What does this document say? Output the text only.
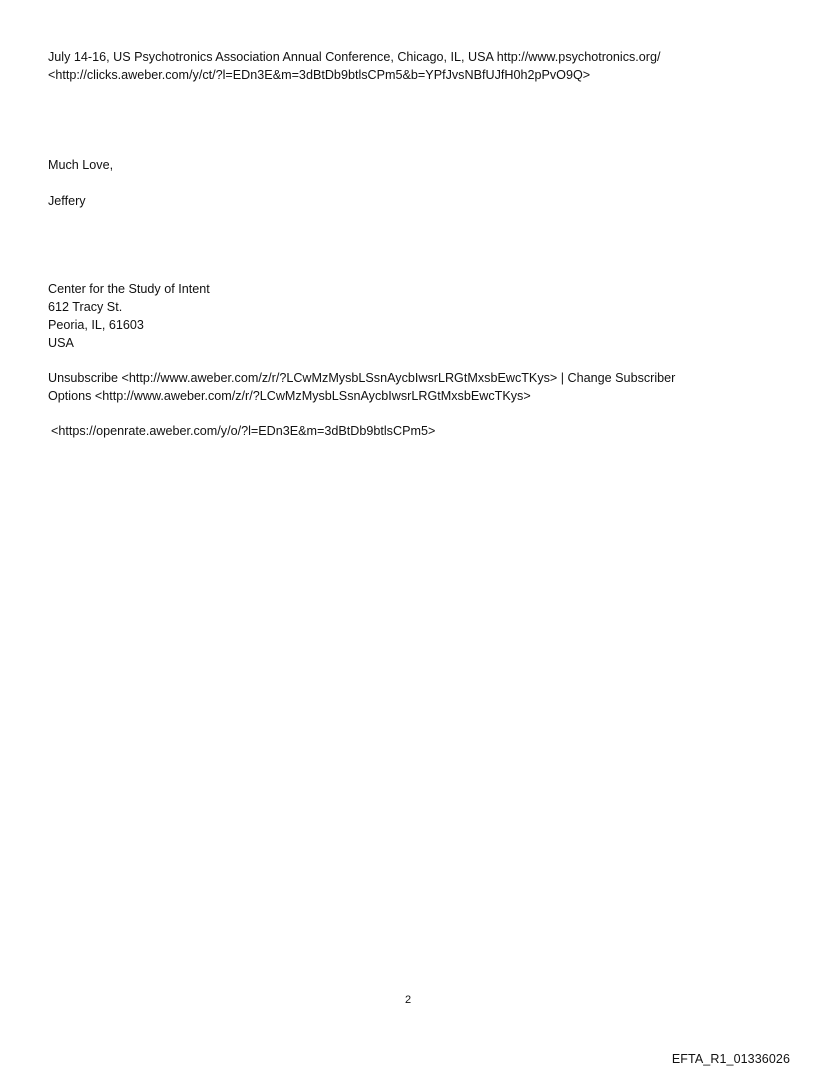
July 14-16, US Psychotronics Association Annual Conference, Chicago, IL, USA http://www.psychotronics.org/
<http://clicks.aweber.com/y/ct/?l=EDn3E&m=3dBtDb9btlsCPm5&b=YPfJvsNBfUJfH0h2pPvO9Q>
Much Love,
Jeffery
Center for the Study of Intent
612 Tracy St.
Peoria, IL, 61603
USA
Unsubscribe <http://www.aweber.com/z/r/?LCwMzMysbLSsnAycbIwsrLRGtMxsbEwcTKys> | Change Subscriber
Options <http://www.aweber.com/z/r/?LCwMzMysbLSsnAycbIwsrLRGtMxsbEwcTKys>
<https://openrate.aweber.com/y/o/?l=EDn3E&m=3dBtDb9btlsCPm5>
2
EFTA_R1_01336026
